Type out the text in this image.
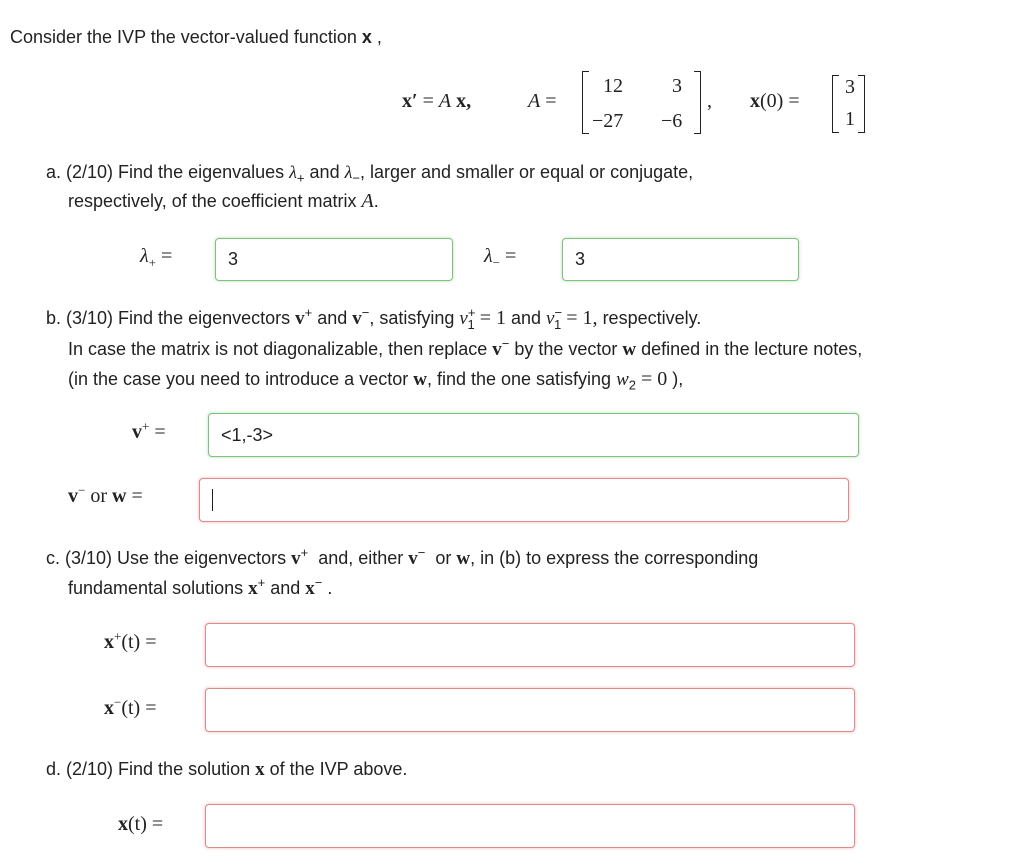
Consider the IVP the vector-valued function x ,
x′ = A x,	A =
12 3
−27 −6
, x(0) =
3
1
a. (2/10) Find the eigenvalues $\lambda_+$ and $\lambda_-$, larger and smaller or equal or conjugate,
respectively, of the coefficient matrix A.
$\lambda_+$ =	3	$\lambda_-$ =	3
b. (3/10) Find the eigenvectors v+ and v−, satisfying $v^+_1 = 1$ and $v^-_1 = 1$, respectively.
In case the matrix is not diagonalizable, then replace v− by the vector w defined in the lecture notes,
(in the case you need to introduce a vector w, find the one satisfying $w_2 = 0$ ),
v+ =	<1,-3>
v− or w =
c. (3/10) Use the eigenvectors v+  and, either v−  or w, in (b) to express the corresponding
fundamental solutions x+ and x− .
x+(t) =
x−(t) =
d. (2/10) Find the solution x of the IVP above.
x(t) =
